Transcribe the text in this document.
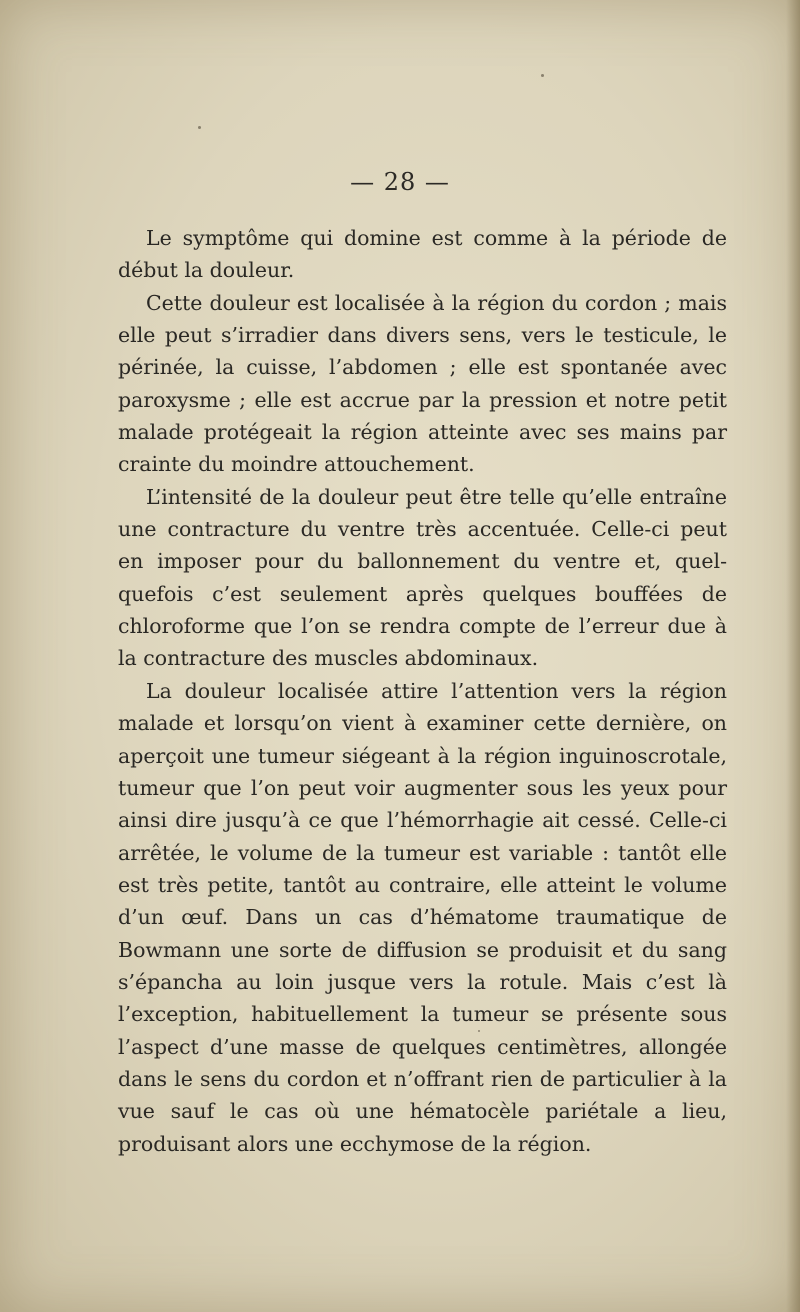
— 28 —

Le symptôme qui domine est comme à la période de début la douleur.

Cette douleur est localisée à la région du cordon ; mais elle peut s’irradier dans divers sens, vers le testicule, le périnée, la cuisse, l’abdomen ; elle est spontanée avec paroxysme ; elle est accrue par la pression et notre petit malade protégeait la région atteinte avec ses mains par crainte du moindre attouchement.

L’intensité de la douleur peut être telle qu’elle entraîne une contracture du ventre très accentuée. Celle-ci peut en imposer pour du ballonnement du ventre et, quelquefois c’est seulement après quelques bouffées de chloroforme que l’on se rendra compte de l’erreur due à la contracture des muscles abdominaux.

La douleur localisée attire l’attention vers la région malade et lorsqu’on vient à examiner cette dernière, on aperçoit une tumeur siégeant à la région inguinoscrotale, tumeur que l’on peut voir augmenter sous les yeux pour ainsi dire jusqu’à ce que l’hémorrhagie ait cessé. Celle-ci arrêtée, le volume de la tumeur est variable : tantôt elle est très petite, tantôt au contraire, elle atteint le volume d’un œuf. Dans un cas d’hématome traumatique de Bowmann une sorte de diffusion se produisit et du sang s’épancha au loin jusque vers la rotule. Mais c’est là l’exception, habituellement la tumeur se présente sous l’aspect d’une masse de quelques centimètres, allongée dans le sens du cordon et n’offrant rien de particulier à la vue sauf le cas où une hématocèle pariétale a lieu, produisant alors une ecchymose de la région.
